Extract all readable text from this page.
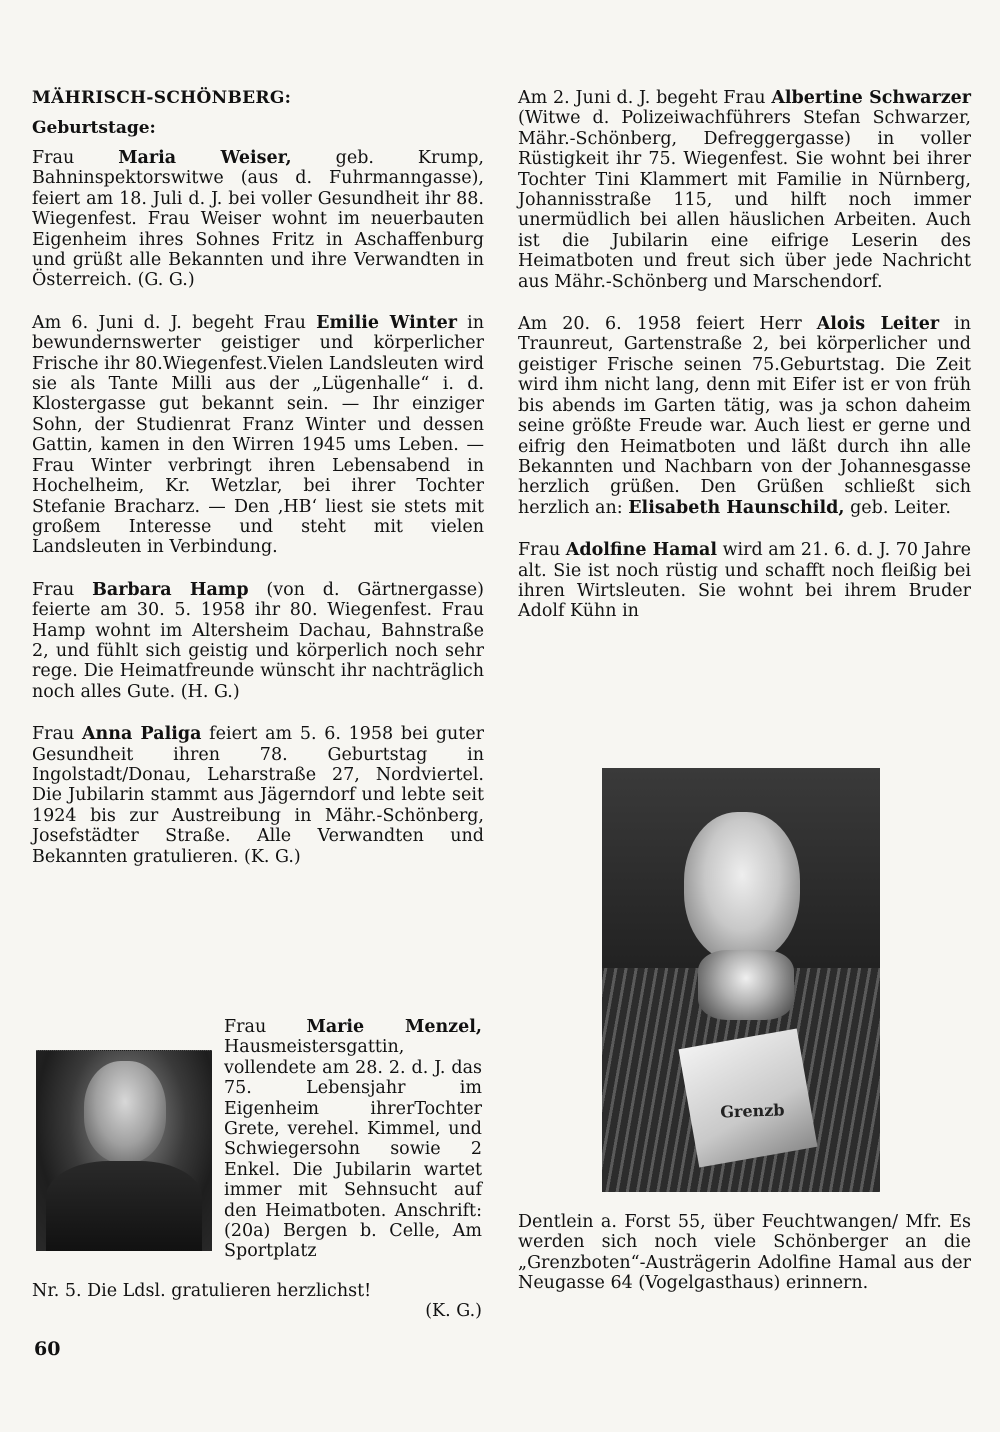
MÄHRISCH-SCHÖNBERG:
Geburtstage:

Frau Maria Weiser, geb. Krump, Bahninspektorswitwe (aus d. Fuhrmanngasse), feiert am 18. Juli d. J. bei voller Gesundheit ihr 88. Wiegenfest. Frau Weiser wohnt im neuerbauten Eigenheim ihres Sohnes Fritz in Aschaffenburg und grüßt alle Bekannten und ihre Verwandten in Österreich. (G. G.)

Am 6. Juni d. J. begeht Frau Emilie Winter in bewundernswerter geistiger und körperlicher Frische ihr 80.Wiegenfest.Vielen Landsleuten wird sie als Tante Milli aus der „Lügenhalle“ i. d. Klostergasse gut bekannt sein. — Ihr einziger Sohn, der Studienrat Franz Winter und dessen Gattin, kamen in den Wirren 1945 ums Leben. — Frau Winter verbringt ihren Lebensabend in Hochelheim, Kr. Wetzlar, bei ihrer Tochter Stefanie Bracharz. — Den ‚HB‘ liest sie stets mit großem Interesse und steht mit vielen Landsleuten in Verbindung.

Frau Barbara Hamp (von d. Gärtnergasse) feierte am 30. 5. 1958 ihr 80. Wiegenfest. Frau Hamp wohnt im Altersheim Dachau, Bahnstraße 2, und fühlt sich geistig und körperlich noch sehr rege. Die Heimatfreunde wünscht ihr nachträglich noch alles Gute. (H. G.)

Frau Anna Paliga feiert am 5. 6. 1958 bei guter Gesundheit ihren 78. Geburtstag in Ingolstadt/Donau, Leharstraße 27, Nordviertel. Die Jubilarin stammt aus Jägerndorf und lebte seit 1924 bis zur Austreibung in Mähr.-Schönberg, Josefstädter Straße. Alle Verwandten und Bekannten gratulieren. (K. G.)

Frau Marie Menzel, Hausmeistersgattin, vollendete am 28. 2. d. J. das 75. Lebensjahr im Eigenheim ihrerTochter Grete, verehel. Kimmel, und Schwiegersohn sowie 2 Enkel. Die Jubilarin wartet immer mit Sehnsucht auf den Heimatboten. Anschrift: (20a) Bergen b. Celle, Am Sportplatz

Nr. 5. Die Ldsl. gratulieren herzlichst!

(K. G.)

Am 2. Juni d. J. begeht Frau Albertine Schwarzer (Witwe d. Polizeiwachführers Stefan Schwarzer, Mähr.-Schönberg, Defreggergasse) in voller Rüstigkeit ihr 75. Wiegenfest. Sie wohnt bei ihrer Tochter Tini Klammert mit Familie in Nürnberg, Johannisstraße 115, und hilft noch immer unermüdlich bei allen häuslichen Arbeiten. Auch ist die Jubilarin eine eifrige Leserin des Heimatboten und freut sich über jede Nachricht aus Mähr.-Schönberg und Marschendorf.

Am 20. 6. 1958 feiert Herr Alois Leiter in Traunreut, Gartenstraße 2, bei körperlicher und geistiger Frische seinen 75.Geburtstag. Die Zeit wird ihm nicht lang, denn mit Eifer ist er von früh bis abends im Garten tätig, was ja schon daheim seine größte Freude war. Auch liest er gerne und eifrig den Heimatboten und läßt durch ihn alle Bekannten und Nachbarn von der Johannesgasse herzlich grüßen. Den Grüßen schließt sich herzlich an: Elisabeth Haunschild, geb. Leiter.

Frau Adolfine Hamal wird am 21. 6. d. J. 70 Jahre alt. Sie ist noch rüstig und schafft noch fleißig bei ihren Wirtsleuten. Sie wohnt bei ihrem Bruder Adolf Kühn in

Grenzb

Dentlein a. Forst 55, über Feuchtwangen/ Mfr. Es werden sich noch viele Schönberger an die „Grenzboten“-Austrägerin Adolfine Hamal aus der Neugasse 64 (Vogelgasthaus) erinnern.

60
